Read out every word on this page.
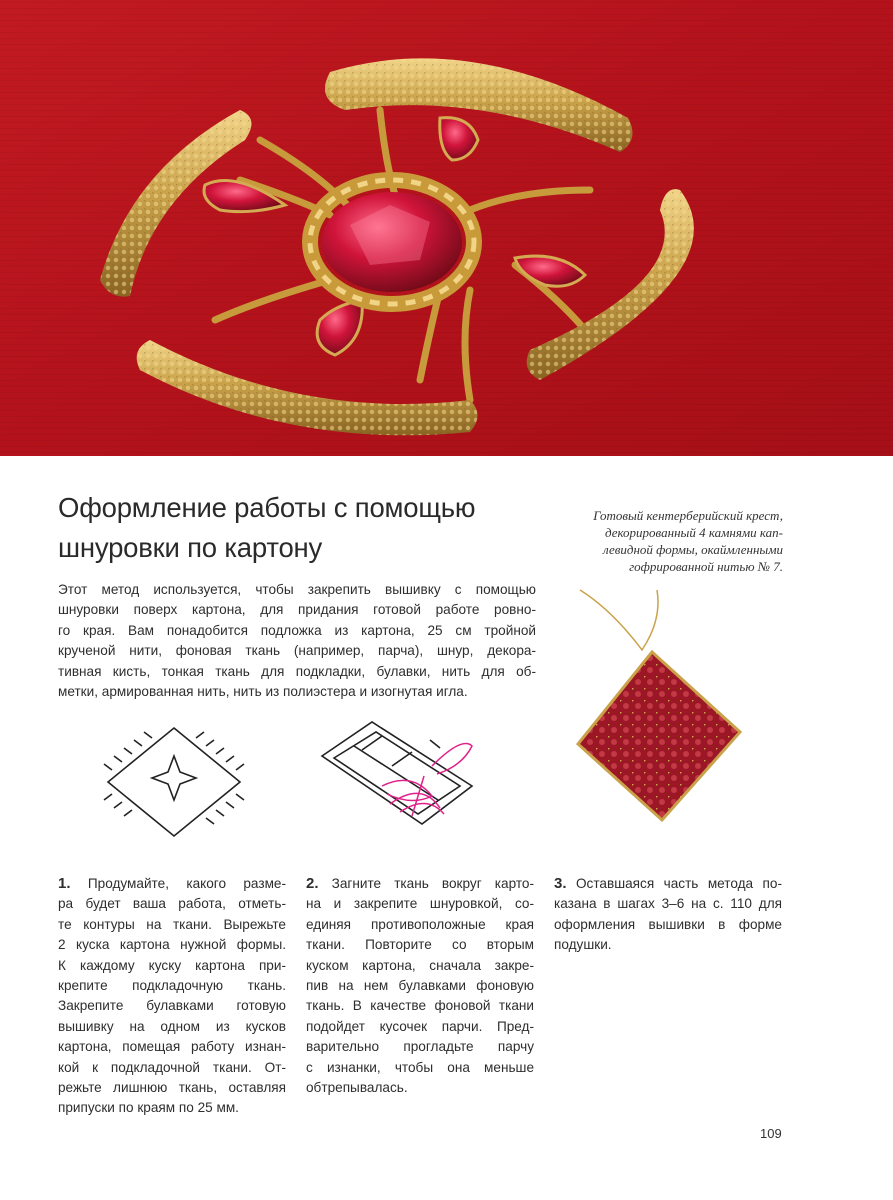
Оформление работы с помощью
шнуровки по картону

Готовый кентерберийский крест,
декорированный 4 камнями кап-
левидной формы, окаймленными
гофрированной нитью № 7.

Этот метод используется, чтобы закрепить вышивку с помощью
шнуровки поверх картона, для придания готовой работе ровно-
го края. Вам понадобится подложка из картона, 25 см тройной
крученой нити, фоновая ткань (например, парча), шнур, декора-
тивная кисть, тонкая ткань для подкладки, булавки, нить для об-
метки, армированная нить, нить из полиэстера и изогнутая игла.
1. Продумайте, какого разме-
ра будет ваша работа, отметь-
те контуры на ткани. Вырежьте
2 куска картона нужной формы.
К каждому куску картона при-
крепите подкладочную ткань.
Закрепите булавками готовую
вышивку на одном из кусков
картона, помещая работу изнан-
кой к подкладочной ткани. От-
режьте лишнюю ткань, оставляя
припуски по краям по 25 мм.
2. Загните ткань вокруг карто-
на и закрепите шнуровкой, со-
единяя противоположные края
ткани. Повторите со вторым
куском картона, сначала закре-
пив на нем булавками фоновую
ткань. В качестве фоновой ткани
подойдет кусочек парчи. Пред-
варительно прогладьте парчу
с изнанки, чтобы она меньше
обтрепывалась.
3. Оставшаяся часть метода по-
казана в шагах 3–6 на с. 110 для
оформления вышивки в форме
подушки.
109
